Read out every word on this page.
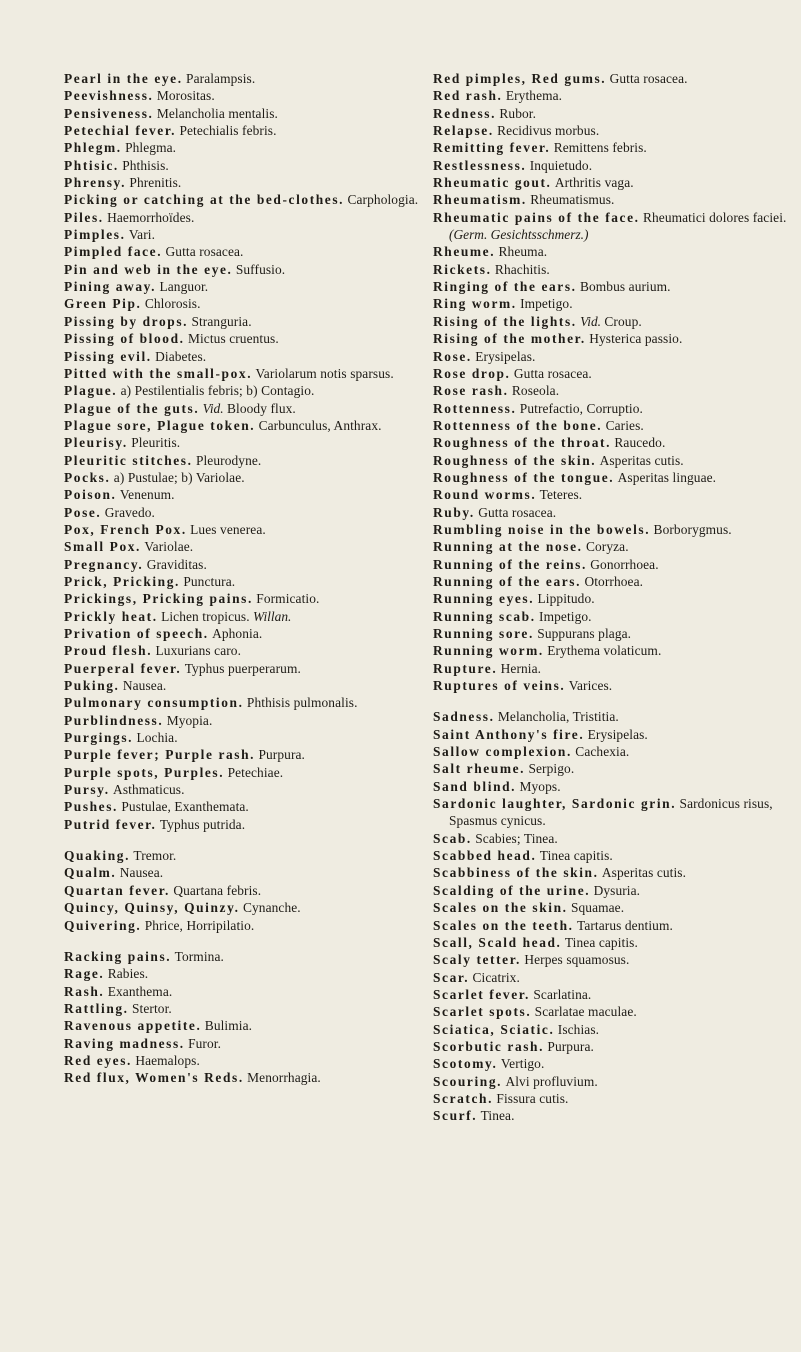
Pearl in the eye. Paralampsis.

Peevishness. Morositas.

Pensiveness. Melancholia mentalis.

Petechial fever. Petechialis febris.

Phlegm. Phlegma.

Phtisic. Phthisis.

Phrensy. Phrenitis.

Picking or catching at the bed-clothes. Carphologia.

Piles. Haemorrhoïdes.

Pimples. Vari.

Pimpled face. Gutta rosacea.

Pin and web in the eye. Suffusio.

Pining away. Languor.

Green Pip. Chlorosis.

Pissing by drops. Stranguria.

Pissing of blood. Mictus cruentus.

Pissing evil. Diabetes.

Pitted with the small-pox. Variolarum notis sparsus.

Plague. a) Pestilentialis febris; b) Contagio.

Plague of the guts. Vid. Bloody flux.

Plague sore, Plague token. Carbunculus, Anthrax.

Pleurisy. Pleuritis.

Pleuritic stitches. Pleurodyne.

Pocks. a) Pustulae; b) Variolae.

Poison. Venenum.

Pose. Gravedo.

Pox, French Pox. Lues venerea.

Small Pox. Variolae.

Pregnancy. Graviditas.

Prick, Pricking. Punctura.

Prickings, Pricking pains. Formicatio.

Prickly heat. Lichen tropicus. Willan.

Privation of speech. Aphonia.

Proud flesh. Luxurians caro.

Puerperal fever. Typhus puerperarum.

Puking. Nausea.

Pulmonary consumption. Phthisis pulmonalis.

Purblindness. Myopia.

Purgings. Lochia.

Purple fever; Purple rash. Purpura.

Purple spots, Purples. Petechiae.

Pursy. Asthmaticus.

Pushes. Pustulae, Exanthemata.

Putrid fever. Typhus putrida.

Quaking. Tremor.

Qualm. Nausea.

Quartan fever. Quartana febris.

Quincy, Quinsy, Quinzy. Cynanche.

Quivering. Phrice, Horripilatio.

Racking pains. Tormina.

Rage. Rabies.

Rash. Exanthema.

Rattling. Stertor.

Ravenous appetite. Bulimia.

Raving madness. Furor.

Red eyes. Haemalops.

Red flux, Women's Reds. Menorrhagia.

Red pimples, Red gums. Gutta rosacea.

Red rash. Erythema.

Redness. Rubor.

Relapse. Recidivus morbus.

Remitting fever. Remittens febris.

Restlessness. Inquietudo.

Rheumatic gout. Arthritis vaga.

Rheumatism. Rheumatismus.

Rheumatic pains of the face. Rheumatici dolores faciei. (Germ. Gesichtsschmerz.)

Rheume. Rheuma.

Rickets. Rhachitis.

Ringing of the ears. Bombus aurium.

Ring worm. Impetigo.

Rising of the lights. Vid. Croup.

Rising of the mother. Hysterica passio.

Rose. Erysipelas.

Rose drop. Gutta rosacea.

Rose rash. Roseola.

Rottenness. Putrefactio, Corruptio.

Rottenness of the bone. Caries.

Roughness of the throat. Raucedo.

Roughness of the skin. Asperitas cutis.

Roughness of the tongue. Asperitas linguae.

Round worms. Teteres.

Ruby. Gutta rosacea.

Rumbling noise in the bowels. Borborygmus.

Running at the nose. Coryza.

Running of the reins. Gonorrhoea.

Running of the ears. Otorrhoea.

Running eyes. Lippitudo.

Running scab. Impetigo.

Running sore. Suppurans plaga.

Running worm. Erythema volaticum.

Rupture. Hernia.

Ruptures of veins. Varices.

Sadness. Melancholia, Tristitia.

Saint Anthony's fire. Erysipelas.

Sallow complexion. Cachexia.

Salt rheume. Serpigo.

Sand blind. Myops.

Sardonic laughter, Sardonic grin. Sardonicus risus, Spasmus cynicus.

Scab. Scabies; Tinea.

Scabbed head. Tinea capitis.

Scabbiness of the skin. Asperitas cutis.

Scalding of the urine. Dysuria.

Scales on the skin. Squamae.

Scales on the teeth. Tartarus dentium.

Scall, Scald head. Tinea capitis.

Scaly tetter. Herpes squamosus.

Scar. Cicatrix.

Scarlet fever. Scarlatina.

Scarlet spots. Scarlatae maculae.

Sciatica, Sciatic. Ischias.

Scorbutic rash. Purpura.

Scotomy. Vertigo.

Scouring. Alvi profluvium.

Scratch. Fissura cutis.

Scurf. Tinea.
